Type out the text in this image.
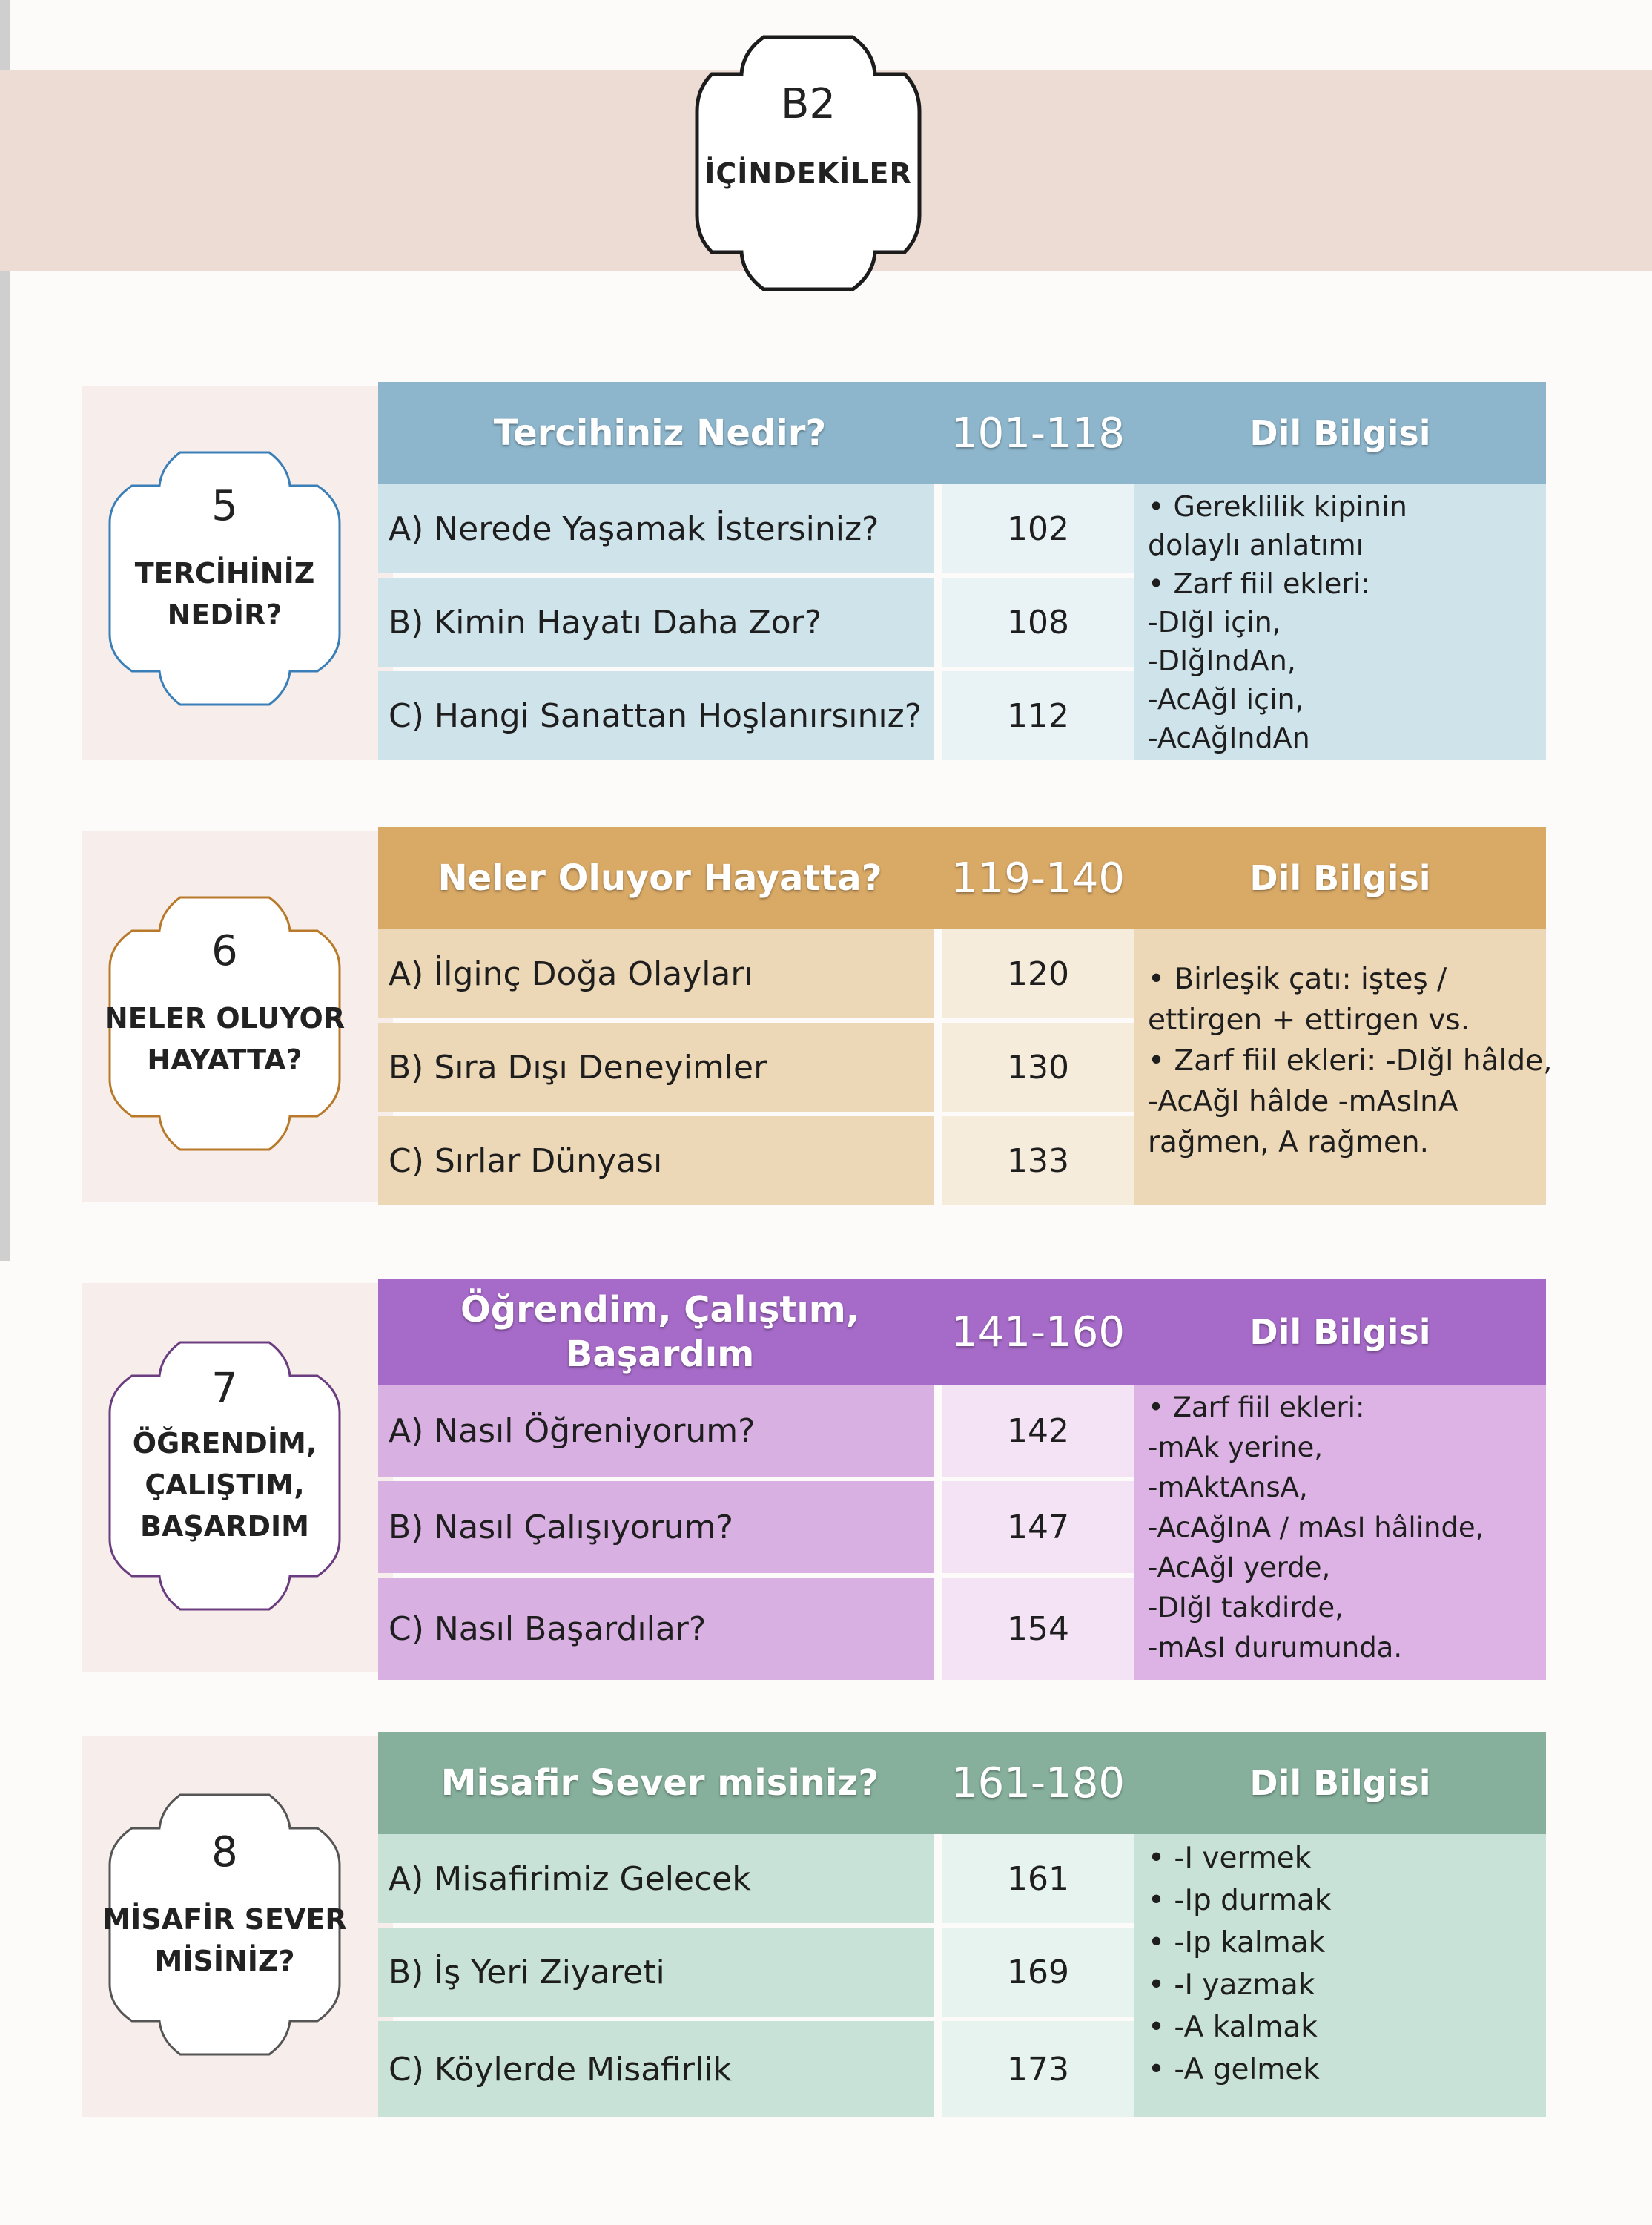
B2
İÇİNDEKİLER
5
TERCİHİNİZ
NEDİR?
Tercihiniz Nedir?	101-118	Dil Bilgisi
A) Nerede Yaşamak İstersiniz?	102
B) Kimin Hayatı Daha Zor?	108
C) Hangi Sanattan Hoşlanırsınız?	112
• Gereklilik kipinin
dolaylı anlatımı
• Zarf fiil ekleri:
-DIğI için,
-DIğIndAn,
-AcAğI için,
-AcAğIndAn
6
NELER OLUYOR
HAYATTA?
Neler Oluyor Hayatta?	119-140	Dil Bilgisi
A) İlginç Doğa Olayları	120
B) Sıra Dışı Deneyimler	130
C) Sırlar Dünyası	133
• Birleşik çatı: işteş /
ettirgen + ettirgen vs.
• Zarf fiil ekleri: -DIğI hâlde,
-AcAğI hâlde -mAsInA
rağmen, A rağmen.
7
ÖĞRENDİM,
ÇALIŞTIM,
BAŞARDIM
Öğrendim, Çalıştım,
Başardım	141-160	Dil Bilgisi
A) Nasıl Öğreniyorum?	142
B) Nasıl Çalışıyorum?	147
C) Nasıl Başardılar?	154
• Zarf fiil ekleri:
-mAk yerine,
-mAktAnsA,
-AcAğInA / mAsI hâlinde,
-AcAğI yerde,
-DIğI takdirde,
-mAsI durumunda.
8
MİSAFİR SEVER
MİSİNİZ?
Misafir Sever misiniz?	161-180	Dil Bilgisi
A) Misafirimiz Gelecek	161
B) İş Yeri Ziyareti	169
C) Köylerde Misafirlik	173
• -I vermek
• -Ip durmak
• -Ip kalmak
• -I yazmak
• -A kalmak
• -A gelmek
